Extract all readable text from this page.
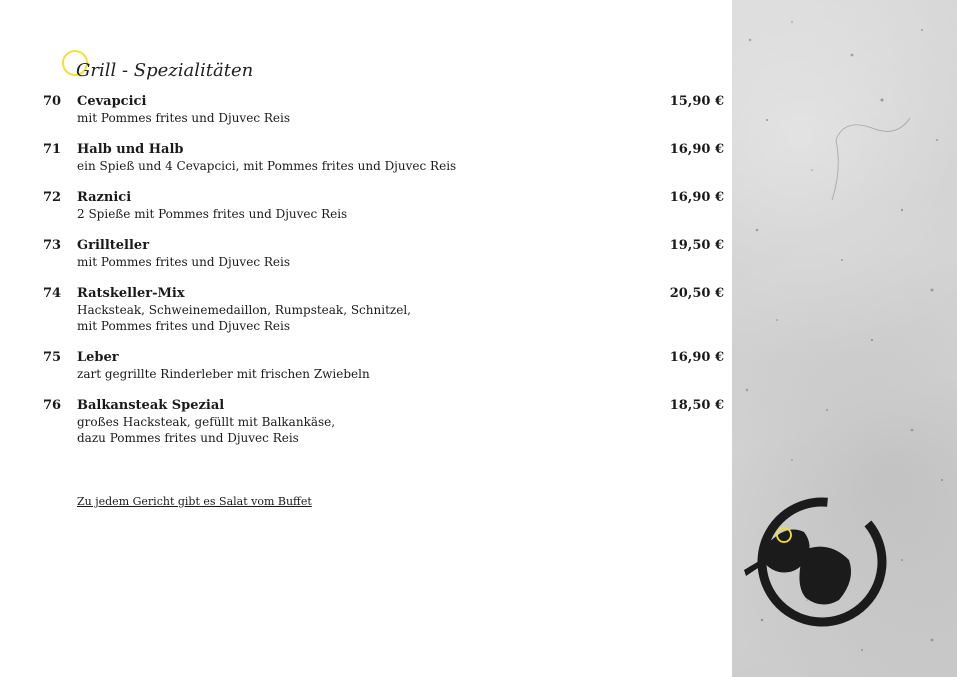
Grill - Spezialitäten
70 Cevapcici
mit Pommes frites und Djuvec Reis
15,90 €
71 Halb und Halb
ein Spieß und 4 Cevapcici, mit Pommes frites und Djuvec Reis
16,90 €
72 Raznici
2 Spieße mit Pommes frites und Djuvec Reis
16,90 €
73 Grillteller
mit Pommes frites und Djuvec Reis
19,50 €
74 Ratskeller-Mix
Hacksteak, Schweinemedaillon, Rumpsteak, Schnitzel,
mit Pommes frites und Djuvec Reis
20,50 €
75 Leber
zart gegrillte Rinderleber mit frischen Zwiebeln
16,90 €
76 Balkansteak Spezial
großes Hacksteak, gefüllt mit Balkankäse,
dazu Pommes frites und Djuvec Reis
18,50 €
Zu jedem Gericht gibt es Salat vom Buffet
